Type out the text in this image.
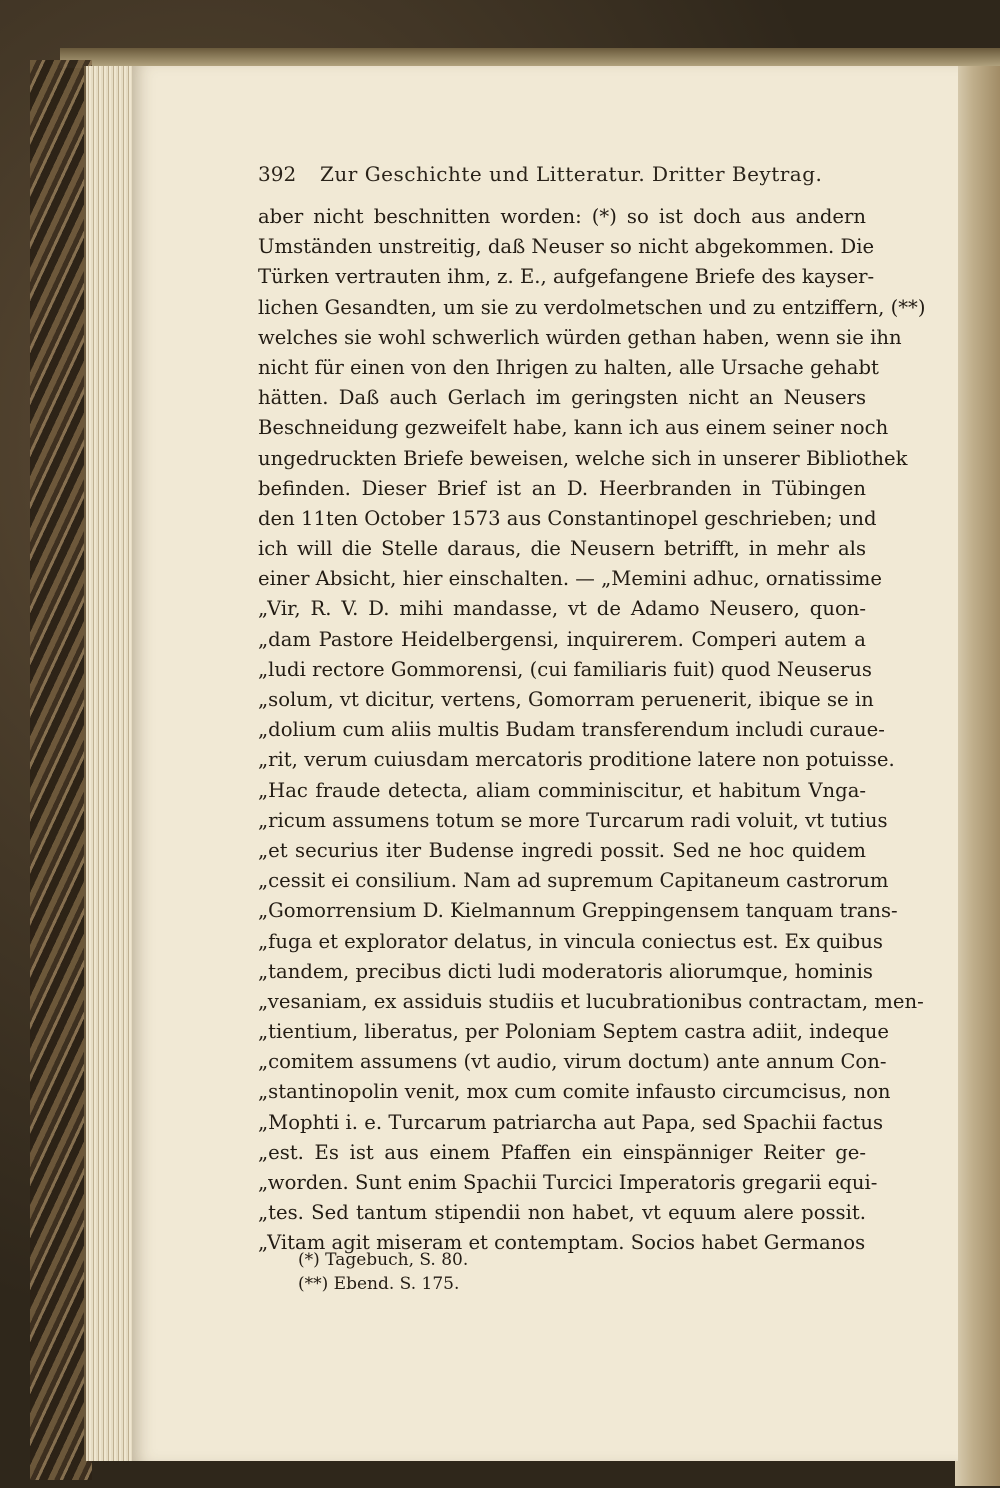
392 Zur Geschichte und Litteratur. Dritter Beytrag.
aber nicht beschnitten worden: (*) so ist doch aus andern
Umständen unstreitig, daß Neuser so nicht abgekommen. Die
Türken vertrauten ihm, z. E., aufgefangene Briefe des kayser-
lichen Gesandten, um sie zu verdolmetschen und zu entziffern, (**)
welches sie wohl schwerlich würden gethan haben, wenn sie ihn
nicht für einen von den Ihrigen zu halten, alle Ursache gehabt
hätten. Daß auch Gerlach im geringsten nicht an Neusers
Beschneidung gezweifelt habe, kann ich aus einem seiner noch
ungedruckten Briefe beweisen, welche sich in unserer Bibliothek
befinden. Dieser Brief ist an D. Heerbranden in Tübingen
den 11ten October 1573 aus Constantinopel geschrieben; und
ich will die Stelle daraus, die Neusern betrifft, in mehr als
einer Absicht, hier einschalten. — „Memini adhuc, ornatissime
„Vir, R. V. D. mihi mandasse, vt de Adamo Neusero, quon-
„dam Pastore Heidelbergensi, inquirerem. Comperi autem a
„ludi rectore Gommorensi, (cui familiaris fuit) quod Neuserus
„solum, vt dicitur, vertens, Gomorram peruenerit, ibique se in
„dolium cum aliis multis Budam transferendum includi curaue-
„rit, verum cuiusdam mercatoris proditione latere non potuisse.
„Hac fraude detecta, aliam comminiscitur, et habitum Vnga-
„ricum assumens totum se more Turcarum radi voluit, vt tutius
„et securius iter Budense ingredi possit. Sed ne hoc quidem
„cessit ei consilium. Nam ad supremum Capitaneum castrorum
„Gomorrensium D. Kielmannum Greppingensem tanquam trans-
„fuga et explorator delatus, in vincula coniectus est. Ex quibus
„tandem, precibus dicti ludi moderatoris aliorumque, hominis
„vesaniam, ex assiduis studiis et lucubrationibus contractam, men-
„tientium, liberatus, per Poloniam Septem castra adiit, indeque
„comitem assumens (vt audio, virum doctum) ante annum Con-
„stantinopolin venit, mox cum comite infausto circumcisus, non
„Mophti i. e. Turcarum patriarcha aut Papa, sed Spachii factus
„est. Es ist aus einem Pfaffen ein einspänniger Reiter ge-
„worden. Sunt enim Spachii Turcici Imperatoris gregarii equi-
„tes. Sed tantum stipendii non habet, vt equum alere possit.
„Vitam agit miseram et contemptam. Socios habet Germanos
(*) Tagebuch, S. 80.
(**) Ebend. S. 175.
